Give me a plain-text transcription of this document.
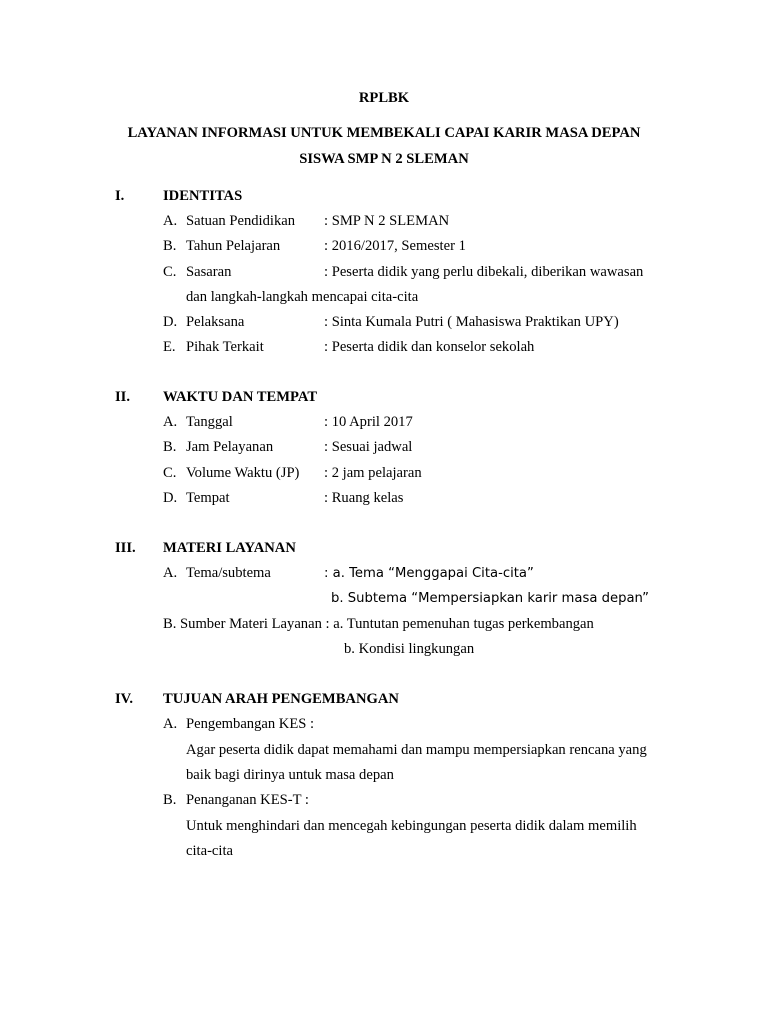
RPLBK
LAYANAN INFORMASI UNTUK MEMBEKALI CAPAI KARIR MASA DEPAN
SISWA SMP N 2 SLEMAN
I.	IDENTITAS
A. Satuan Pendidikan : SMP N 2 SLEMAN
B. Tahun Pelajaran	: 2016/2017, Semester 1
C. Sasaran	: Peserta didik yang perlu dibekali, diberikan wawasan
dan langkah-langkah mencapai cita-cita
D. Pelaksana	: Sinta Kumala Putri ( Mahasiswa Praktikan UPY)
E. Pihak Terkait	: Peserta didik dan konselor sekolah
II. WAKTU DAN TEMPAT
A. Tanggal	: 10 April 2017
B. Jam Pelayanan	: Sesuai jadwal
C. Volume Waktu (JP) : 2 jam pelajaran
D. Tempat	: Ruang kelas
III. MATERI LAYANAN
A. Tema/subtema	: a. Tema “Menggapai Cita-cita”
b. Subtema “Mempersiapkan karir masa depan”
B. Sumber Materi Layanan : a. Tuntutan pemenuhan tugas perkembangan
b. Kondisi lingkungan
IV. TUJUAN ARAH PENGEMBANGAN
A. Pengembangan KES :
Agar peserta didik dapat memahami dan mampu mempersiapkan rencana yang
baik bagi dirinya untuk masa depan
B. Penanganan KES-T :
Untuk menghindari dan mencegah kebingungan peserta didik dalam memilih
cita-cita
